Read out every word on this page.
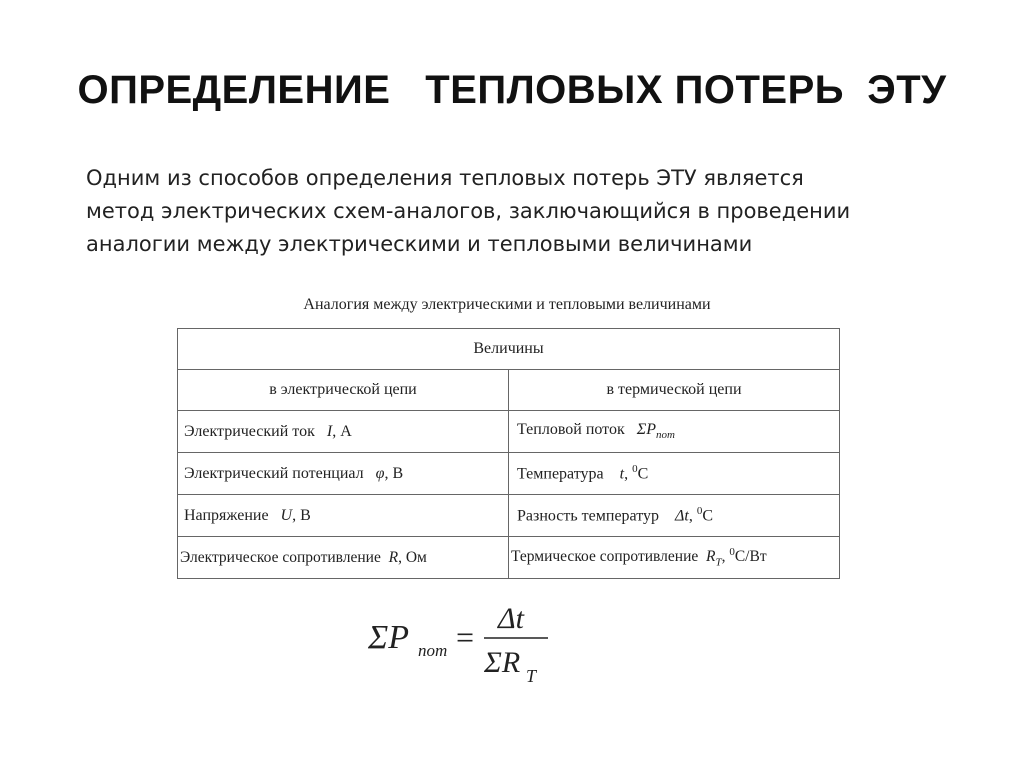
ОПРЕДЕЛЕНИЕ   ТЕПЛОВЫХ ПОТЕРЬ  ЭТУ
Одним из способов определения тепловых потерь ЭТУ является
метод электрических схем-аналогов, заключающийся в проведении
аналогии между электрическими и тепловыми величинами
Аналогия между электрическими и тепловыми величинами
Величины	
в электрической цепи	в термической цепи
Электрический ток I, А	Тепловой поток $\Sigma P_{пот}$
Электрический потенциал φ, В	Температура t, $^0$С
Напряжение U, В	Разность температур Δt, $^0$С
Электрическое сопротивление R, Ом	Термическое сопротивление $R_T$, $^0$С/Вт
ΣP пот =
Δt
ΣR T
